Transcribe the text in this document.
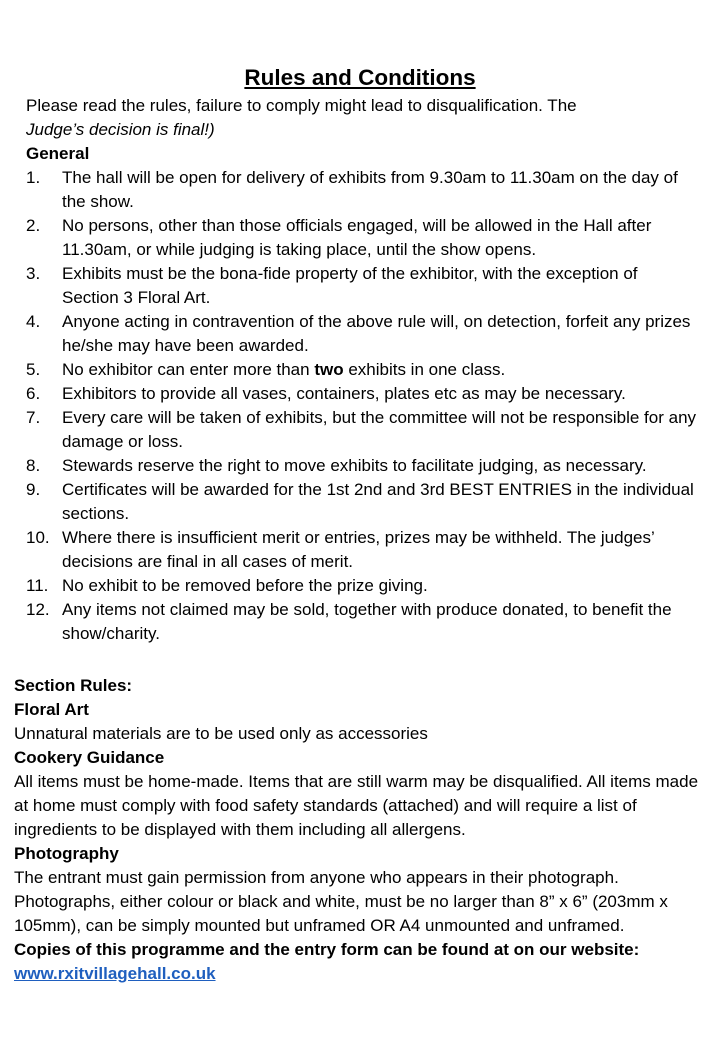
Rules and Conditions

Please read the rules, failure to comply might lead to disqualification. The
Judge’s decision is final!)

General

1. The hall will be open for delivery of exhibits from 9.30am to 11.30am on the day of the show.
2. No persons, other than those officials engaged, will be allowed in the Hall after 11.30am, or while judging is taking place, until the show opens.
3. Exhibits must be the bona-fide property of the exhibitor, with the exception of Section 3 Floral Art.
4. Anyone acting in contravention of the above rule will, on detection, forfeit any prizes he/she may have been awarded.
5. No exhibitor can enter more than two exhibits in one class.
6. Exhibitors to provide all vases, containers, plates etc as may be necessary.
7. Every care will be taken of exhibits, but the committee will not be responsible for any damage or loss.
8. Stewards reserve the right to move exhibits to facilitate judging, as necessary.
9. Certificates will be awarded for the 1st 2nd and 3rd BEST ENTRIES in the individual sections.
10. Where there is insufficient merit or entries, prizes may be withheld. The judges’ decisions are final in all cases of merit.
11. No exhibit to be removed before the prize giving.
12. Any items not claimed may be sold, together with produce donated, to benefit the show/charity.

Section Rules:

Floral Art

Unnatural materials are to be used only as accessories

Cookery Guidance

All items must be home-made. Items that are still warm may be disqualified. All items made at home must comply with food safety standards (attached) and will require a list of ingredients to be displayed with them including all allergens.

Photography

The entrant must gain permission from anyone who appears in their photograph. Photographs, either colour or black and white, must be no larger than 8” x 6” (203mm x 105mm), can be simply mounted but unframed OR A4 unmounted and unframed.

Copies of this programme and the entry form can be found at on our website:

www.rxitvillagehall.co.uk
